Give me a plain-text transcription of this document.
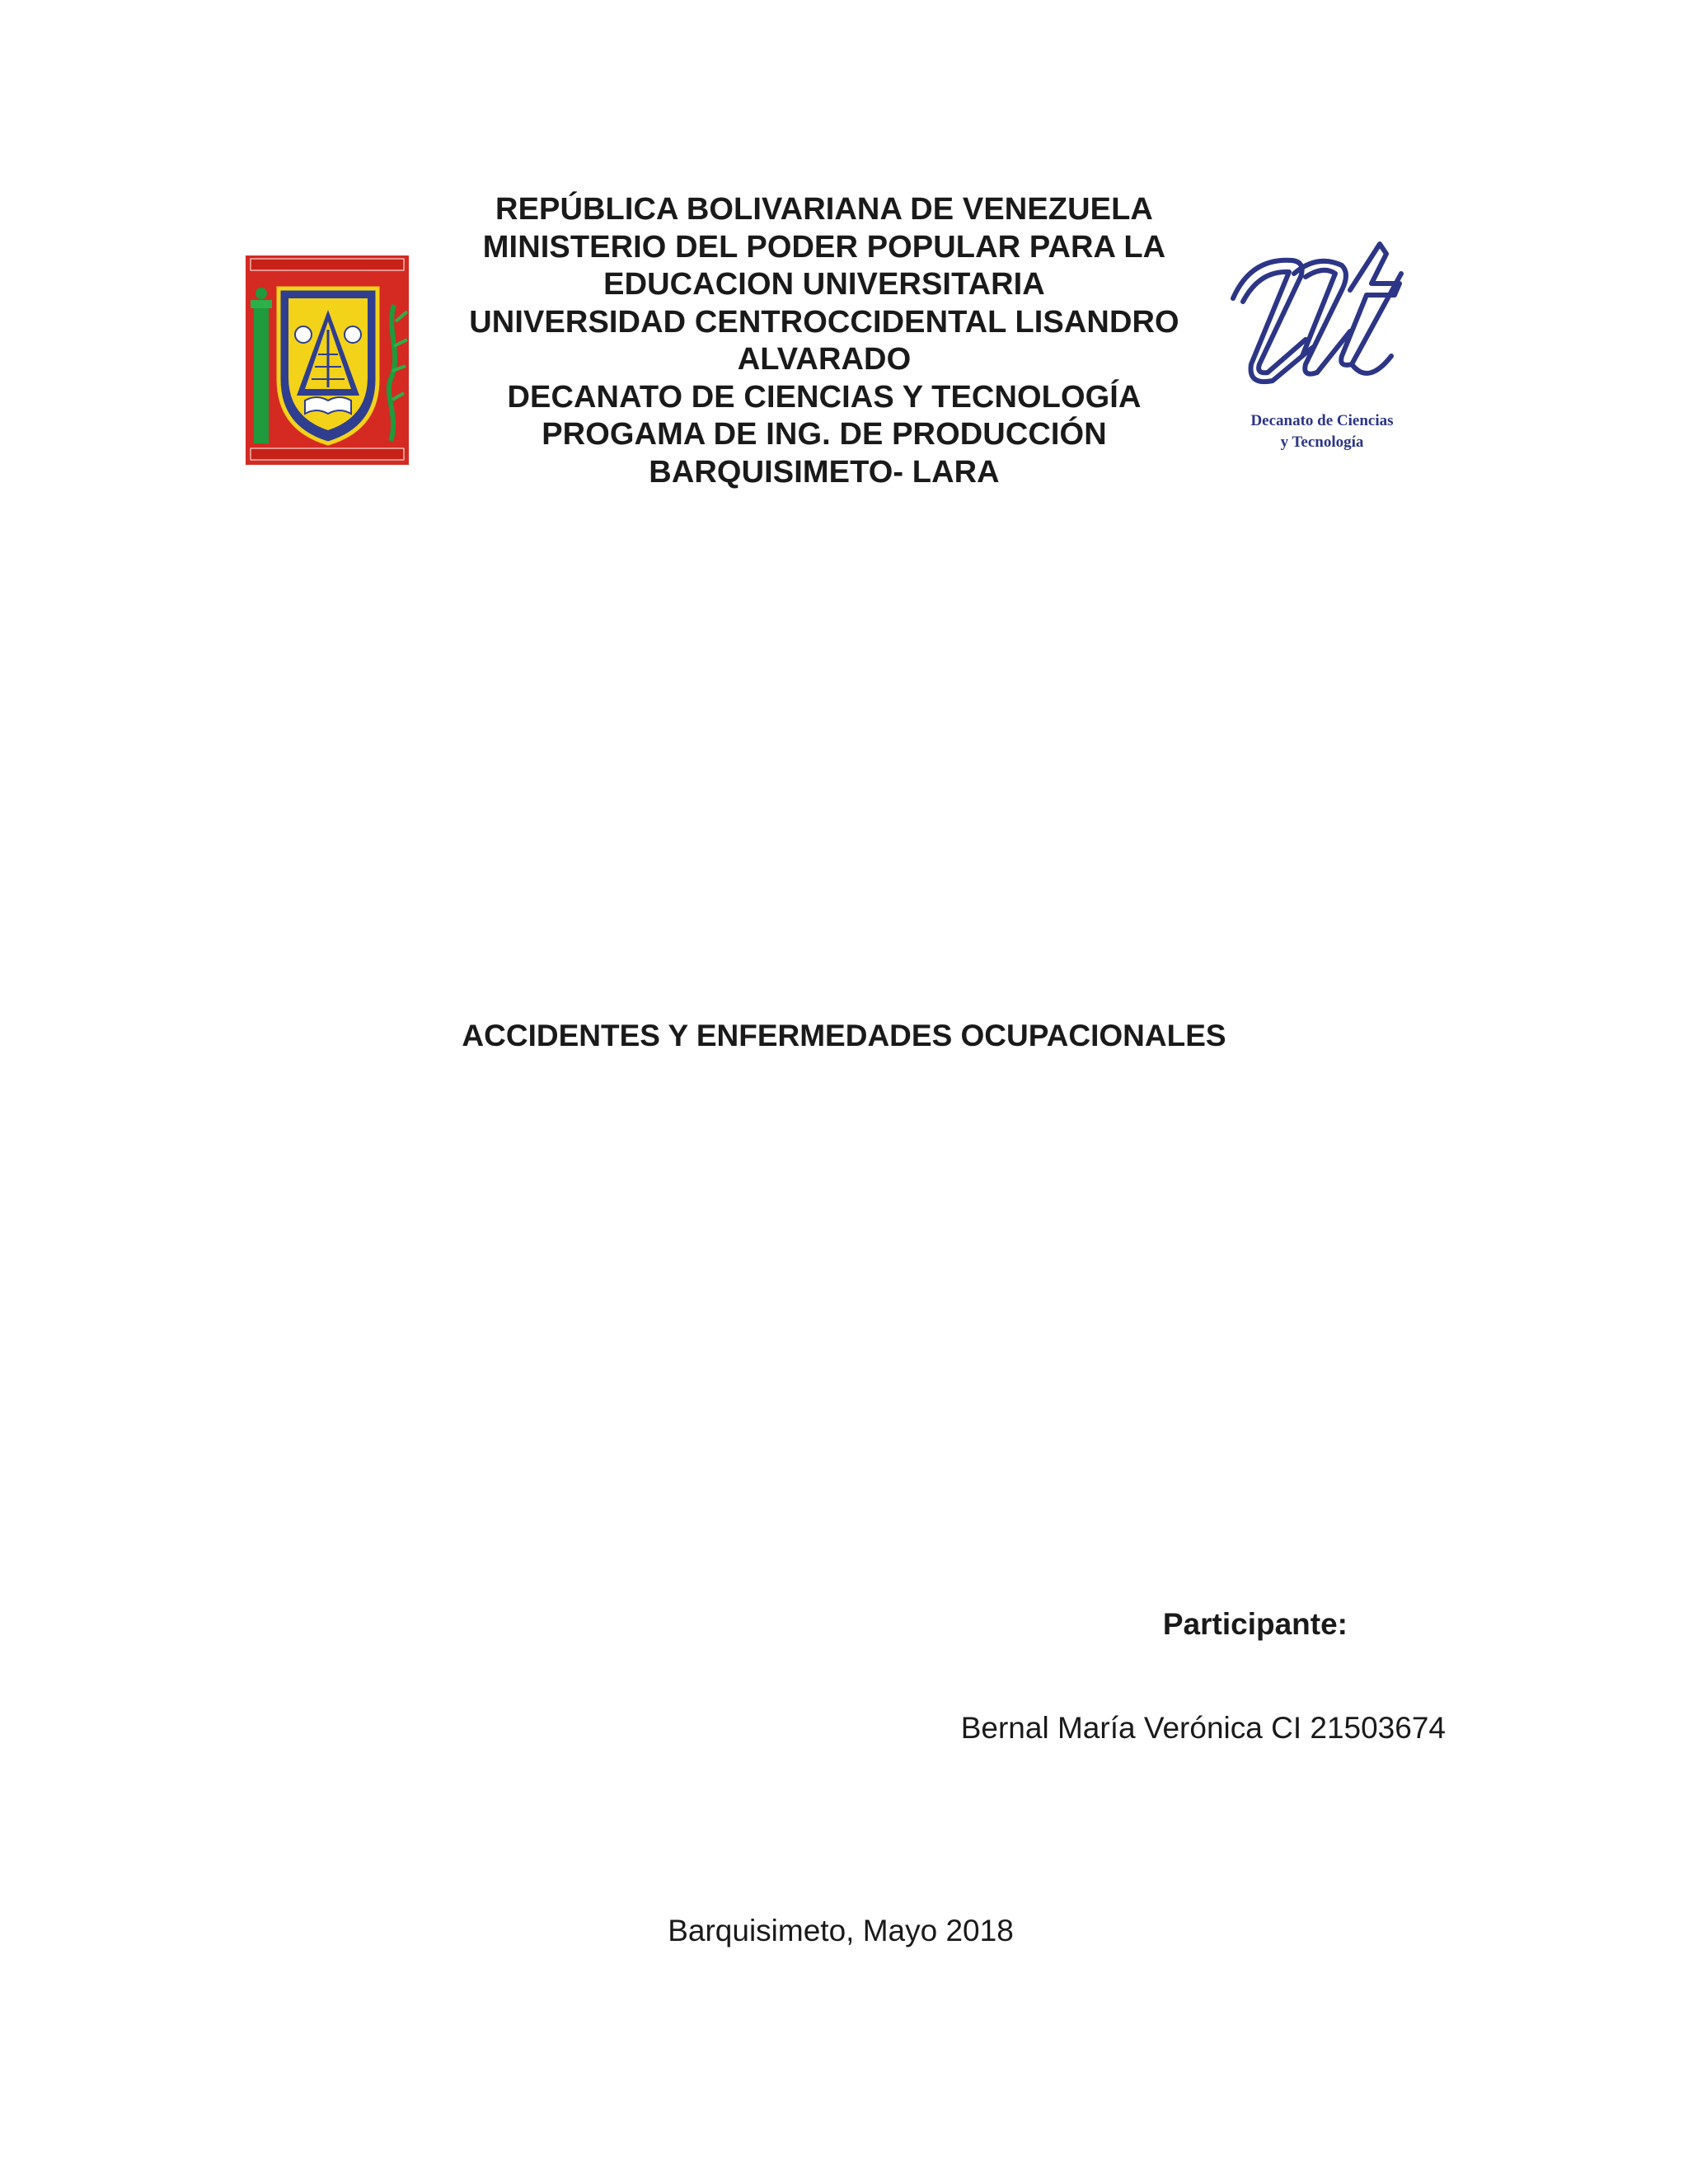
REPÚBLICA BOLIVARIANA DE VENEZUELA
MINISTERIO DEL PODER POPULAR PARA LA
EDUCACION UNIVERSITARIA
UNIVERSIDAD CENTROCCIDENTAL LISANDRO
ALVARADO
DECANATO DE CIENCIAS Y TECNOLOGÍA
PROGAMA DE ING. DE PRODUCCIÓN
BARQUISIMETO- LARA
Decanato de Ciencias
y Tecnología
ACCIDENTES Y ENFERMEDADES OCUPACIONALES
Participante:
Bernal María Verónica CI 21503674
Barquisimeto, Mayo 2018
